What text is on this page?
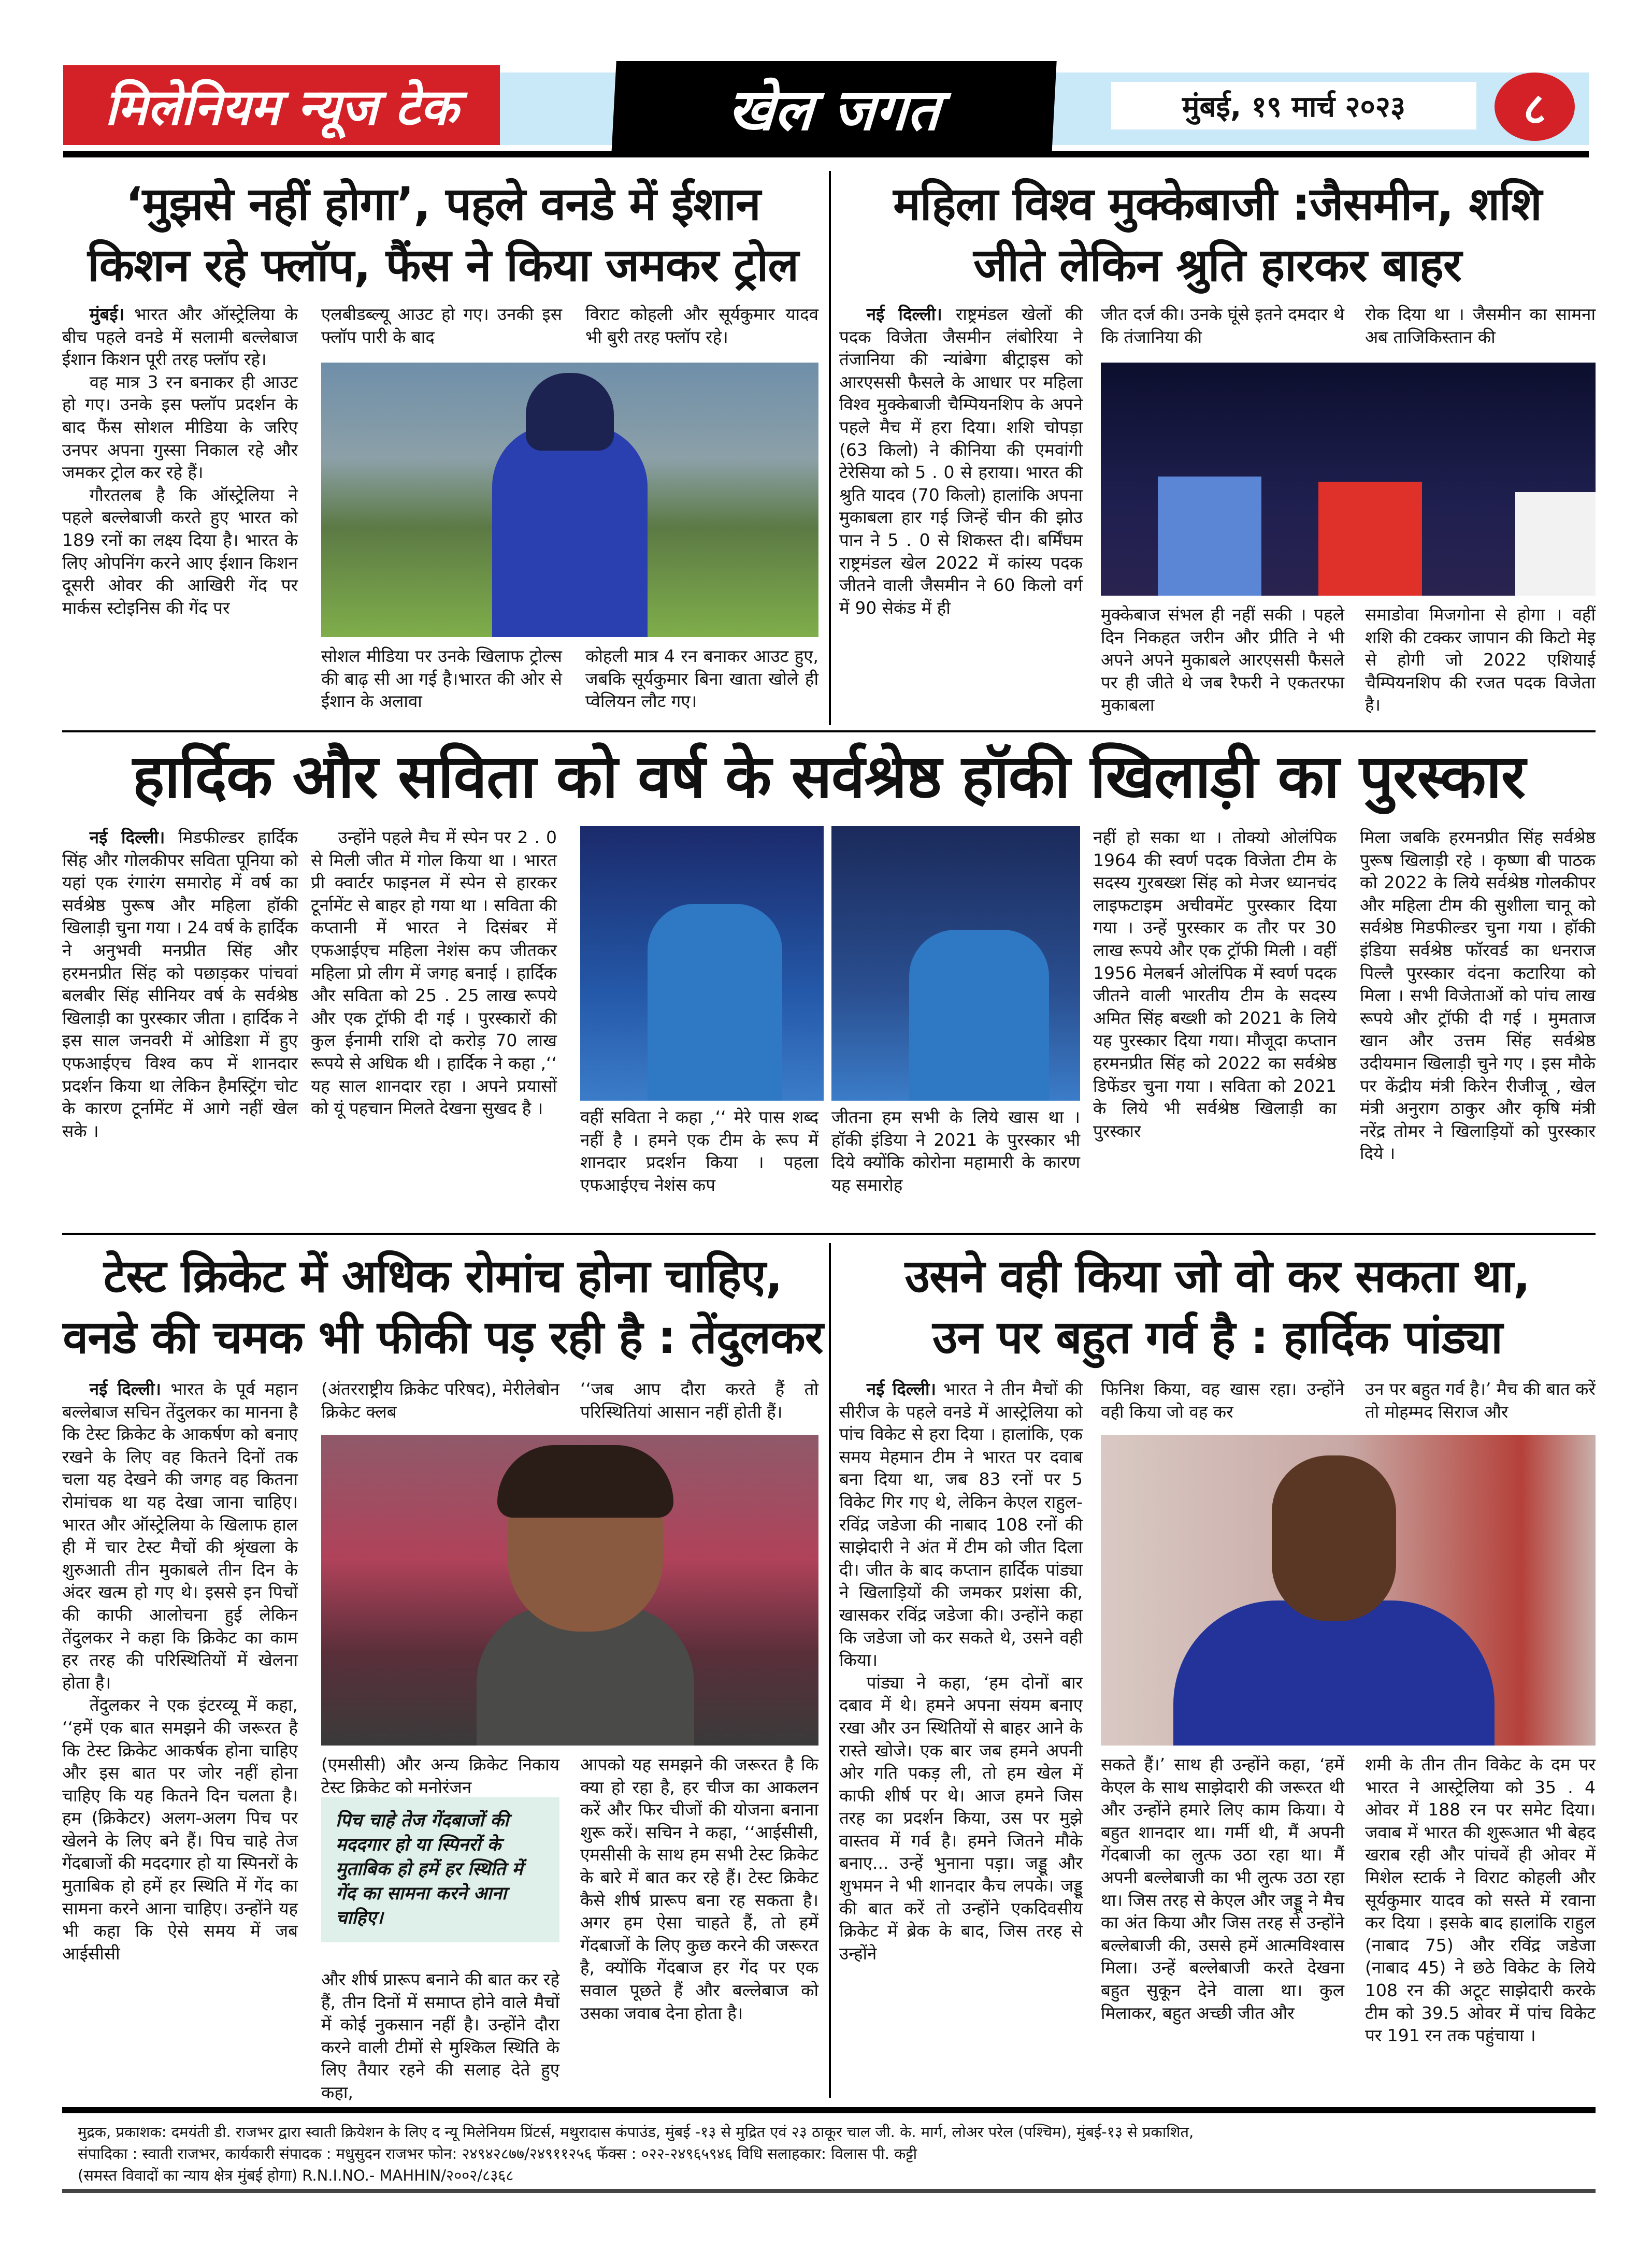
मिलेनियम न्यूज टेक	खेल जगत	मुंबई, १९ मार्च २०२३	८
‘मुझसे नहीं होगा’, पहले वनडे में ईशान
किशन रहे फ्लॉप, फैंस ने किया जमकर ट्रोल

मुंबई। भारत और ऑस्ट्रेलिया के बीच पहले वनडे में सलामी बल्लेबाज ईशान किशन पूरी तरह फ्लॉप रहे।

वह मात्र 3 रन बनाकर ही आउट हो गए। उनके इस फ्लॉप प्रदर्शन के बाद फैंस सोशल मीडिया के जरिए उनपर अपना गुस्सा निकाल रहे और जमकर ट्रोल कर रहे हैं।

गौरतलब है कि ऑस्ट्रेलिया ने पहले बल्लेबाजी करते हुए भारत को 189 रनों का लक्ष्य दिया है। भारत के लिए ओपनिंग करने आए ईशान किशन दूसरी ओवर की आखिरी गेंद पर मार्कस स्टोइनिस की गेंद पर

एलबीडब्ल्यू आउट हो गए। उनकी इस फ्लॉप पारी के बाद

विराट कोहली और सूर्यकुमार यादव भी बुरी तरह फ्लॉप रहे।

सोशल मीडिया पर उनके खिलाफ ट्रोल्स की बाढ़ सी आ गई है।भारत की ओर से ईशान के अलावा

कोहली मात्र 4 रन बनाकर आउट हुए, जबकि सूर्यकुमार बिना खाता खोले ही प्वेलियन लौट गए।

महिला विश्व मुक्केबाजी :जैसमीन, शशि
जीते लेकिन श्रुति हारकर बाहर

नई दिल्ली। राष्ट्रमंडल खेलों की पदक विजेता जैसमीन लंबोरिया ने तंजानिया की न्यांबेगा बीट्राइस को आरएससी फैसले के आधार पर महिला विश्व मुक्केबाजी चैम्पियनशिप के अपने पहले मैच में हरा दिया। शशि चोपड़ा (63 किलो) ने कीनिया की एमवांगी टेरेसिया को 5 . 0 से हराया। भारत की श्रुति यादव (70 किलो) हालांकि अपना मुकाबला हार गई जिन्हें चीन की झोउ पान ने 5 . 0 से शिकस्त दी। बर्मिंघम राष्ट्रमंडल खेल 2022 में कांस्य पदक जीतने वाली जैसमीन ने 60 किलो वर्ग में 90 सेकंड में ही

जीत दर्ज की। उनके घूंसे इतने दमदार थे कि तंजानिया की

रोक दिया था । जैसमीन का सामना अब ताजिकिस्तान की

मुक्केबाज संभल ही नहीं सकी । पहले दिन निकहत जरीन और प्रीति ने भी अपने अपने मुकाबले आरएससी फैसले पर ही जीते थे जब रैफरी ने एकतरफा मुकाबला

समाडोवा मिजगोना से होगा । वहीं शशि की टक्कर जापान की किटो मेइ से होगी जो 2022 एशियाई चैम्पियनशिप की रजत पदक विजेता है।

हार्दिक और सविता को वर्ष के सर्वश्रेष्ठ हॉकी खिलाड़ी का पुरस्कार

नई दिल्ली। मिडफील्डर हार्दिक सिंह और गोलकीपर सविता पूनिया को यहां एक रंगारंग समारोह में वर्ष का सर्वश्रेष्ठ पुरूष और महिला हॉकी खिलाड़ी चुना गया । 24 वर्ष के हार्दिक ने अनुभवी मनप्रीत सिंह और हरमनप्रीत सिंह को पछाड़कर पांचवां बलबीर सिंह सीनियर वर्ष के सर्वश्रेष्ठ खिलाड़ी का पुरस्कार जीता । हार्दिक ने इस साल जनवरी में ओडिशा में हुए एफआईएच विश्व कप में शानदार प्रदर्शन किया था लेकिन हैमस्ट्रिंग चोट के कारण टूर्नामेंट में आगे नहीं खेल सके ।

उन्होंने पहले मैच में स्पेन पर 2 . 0 से मिली जीत में गोल किया था । भारत प्री क्वार्टर फाइनल में स्पेन से हारकर टूर्नामेंट से बाहर हो गया था । सविता की कप्तानी में भारत ने दिसंबर में एफआईएच महिला नेशंस कप जीतकर महिला प्रो लीग में जगह बनाई । हार्दिक और सविता को 25 . 25 लाख रूपये और एक ट्रॉफी दी गई । पुरस्कारों की कुल ईनामी राशि दो करोड़ 70 लाख रूपये से अधिक थी । हार्दिक ने कहा ,‘‘ यह साल शानदार रहा । अपने प्रयासों को यूं पहचान मिलते देखना सुखद है ।	वहीं सविता ने कहा ,‘‘ मेरे पास शब्द नहीं है । हमने एक टीम के रूप में शानदार प्रदर्शन किया । पहला एफआईएच नेशंस कप

जीतना हम सभी के लिये खास था । हॉकी इंडिया ने 2021 के पुरस्कार भी दिये क्योंकि कोरोना महामारी के कारण यह समारोह

नहीं हो सका था । तोक्यो ओलंपिक 1964 की स्वर्ण पदक विजेता टीम के सदस्य गुरबख्श सिंह को मेजर ध्यानचंद लाइफटाइम अचीवमेंट पुरस्कार दिया गया । उन्हें पुरस्कार क तौर पर 30 लाख रूपये और एक ट्रॉफी मिली । वहीं 1956 मेलबर्न ओलंपिक में स्वर्ण पदक जीतने वाली भारतीय टीम के सदस्य अमित सिंह बख्शी को 2021 के लिये यह पुरस्कार दिया गया। मौजूदा कप्तान हरमनप्रीत सिंह को 2022 का सर्वश्रेष्ठ डिफेंडर चुना गया । सविता को 2021 के लिये भी सर्वश्रेष्ठ खिलाड़ी का पुरस्कार

मिला जबकि हरमनप्रीत सिंह सर्वश्रेष्ठ पुरूष खिलाड़ी रहे । कृष्णा बी पाठक को 2022 के लिये सर्वश्रेष्ठ गोलकीपर और महिला टीम की सुशीला चानू को सर्वश्रेष्ठ मिडफील्डर चुना गया । हॉकी इंडिया सर्वश्रेष्ठ फॉरवर्ड का धनराज पिल्लै पुरस्कार वंदना कटारिया को मिला । सभी विजेताओं को पांच लाख रूपये और ट्रॉफी दी गई । मुमताज खान और उत्तम सिंह सर्वश्रेष्ठ उदीयमान खिलाड़ी चुने गए । इस मौके पर केंद्रीय मंत्री किरेन रीजीजू , खेल मंत्री अनुराग ठाकुर और कृषि मंत्री नरेंद्र तोमर ने खिलाड़ियों को पुरस्कार दिये ।

टेस्ट क्रिकेट में अधिक रोमांच होना चाहिए,
वनडे की चमक भी फीकी पड़ रही है : तेंदुलकर

नई दिल्ली। भारत के पूर्व महान बल्लेबाज सचिन तेंदुलकर का मानना है कि टेस्ट क्रिकेट के आकर्षण को बनाए रखने के लिए वह कितने दिनों तक चला यह देखने की जगह वह कितना रोमांचक था यह देखा जाना चाहिए। भारत और ऑस्ट्रेलिया के खिलाफ हाल ही में चार टेस्ट मैचों की श्रृंखला के शुरुआती तीन मुकाबले तीन दिन के अंदर खत्म हो गए थे। इससे इन पिचों की काफी आलोचना हुई लेकिन तेंदुलकर ने कहा कि क्रिकेट का काम हर तरह की परिस्थितियों में खेलना होता है।

तेंदुलकर ने एक इंटरव्यू में कहा, ‘‘हमें एक बात समझने की जरूरत है कि टेस्ट क्रिकेट आकर्षक होना चाहिए और इस बात पर जोर नहीं होना चाहिए कि यह कितने दिन चलता है। हम (क्रिकेटर) अलग-अलग पिच पर खेलने के लिए बने हैं। पिच चाहे तेज गेंदबाजों की मददगार हो या स्पिनरों के मुताबिक हो हमें हर स्थिति में गेंद का सामना करने आना चाहिए। उन्होंने यह भी कहा कि ऐसे समय में जब आईसीसी

(अंतरराष्ट्रीय क्रिकेट परिषद), मेरीलेबोन क्रिकेट क्लब

‘‘जब आप दौरा करते हैं तो परिस्थितियां आसान नहीं होती हैं।

(एमसीसी) और अन्य क्रिकेट निकाय टेस्ट क्रिकेट को मनोरंजन

पिच चाहे तेज गेंदबाजों की मददगार हो या स्पिनरों के मुताबिक हो हमें हर स्थिति में गेंद का सामना करने आना चाहिए।

और शीर्ष प्रारूप बनाने की बात कर रहे हैं, तीन दिनों में समाप्त होने वाले मैचों में कोई नुकसान नहीं है। उन्होंने दौरा करने वाली टीमों से मुश्किल स्थिति के लिए तैयार रहने की सलाह देते हुए कहा,

आपको यह समझने की जरूरत है कि क्या हो रहा है, हर चीज का आकलन करें और फिर चीजों की योजना बनाना शुरू करें। सचिन ने कहा, ‘‘आईसीसी, एमसीसी के साथ हम सभी टेस्ट क्रिकेट के बारे में बात कर रहे हैं। टेस्ट क्रिकेट कैसे शीर्ष प्रारूप बना रह सकता है। अगर हम ऐसा चाहते हैं, तो हमें गेंदबाजों के लिए कुछ करने की जरूरत है, क्योंकि गेंदबाज हर गेंद पर एक सवाल पूछते हैं और बल्लेबाज को उसका जवाब देना होता है।

उसने वही किया जो वो कर सकता था,
उन पर बहुत गर्व है : हार्दिक पांड्या

नई दिल्ली। भारत ने तीन मैचों की सीरीज के पहले वनडे में आस्ट्रेलिया को पांच विकेट से हरा दिया । हालांकि, एक समय मेहमान टीम ने भारत पर दवाब बना दिया था, जब 83 रनों पर 5 विकेट गिर गए थे, लेकिन केएल राहुल-रविंद्र जडेजा की नाबाद 108 रनों की साझेदारी ने अंत में टीम को जीत दिला दी। जीत के बाद कप्तान हार्दिक पांड्या ने खिलाड़ियों की जमकर प्रशंसा की, खासकर रविंद्र जडेजा की। उन्होंने कहा कि जडेजा जो कर सकते थे, उसने वही किया।

पांड्या ने कहा, ‘हम दोनों बार दबाव में थे। हमने अपना संयम बनाए रखा और उन स्थितियों से बाहर आने के रास्ते खोजे। एक बार जब हमने अपनी ओर गति पकड़ ली, तो हम खेल में काफी शीर्ष पर थे। आज हमने जिस तरह का प्रदर्शन किया, उस पर मुझे वास्तव में गर्व है। हमने जितने मौके बनाए... उन्हें भुनाना पड़ा। जड्डू और शुभमन ने भी शानदार कैच लपके। जड्डू की बात करें तो उन्होंने एकदिवसीय क्रिकेट में ब्रेक के बाद, जिस तरह से उन्होंने

फिनिश किया, वह खास रहा। उन्होंने वही किया जो वह कर

उन पर बहुत गर्व है।’ मैच की बात करें तो मोहम्मद सिराज और

सकते हैं।’ साथ ही उन्होंने कहा, ‘हमें केएल के साथ साझेदारी की जरूरत थी और उन्होंने हमारे लिए काम किया। ये बहुत शानदार था। गर्मी थी, मैं अपनी गेंदबाजी का लुत्फ उठा रहा था। मैं अपनी बल्लेबाजी का भी लुत्फ उठा रहा था। जिस तरह से केएल और जड्डू ने मैच का अंत किया और जिस तरह से उन्होंने बल्लेबाजी की, उससे हमें आत्मविश्वास मिला। उन्हें बल्लेबाजी करते देखना बहुत सुकून देने वाला था। कुल मिलाकर, बहुत अच्छी जीत और

शमी के तीन तीन विकेट के दम पर भारत ने आस्ट्रेलिया को 35 . 4 ओवर में 188 रन पर समेट दिया। जवाब में भारत की शुरूआत भी बेहद खराब रही और पांचवें ही ओवर में मिशेल स्टार्क ने विराट कोहली और सूर्यकुमार यादव को सस्ते में रवाना कर दिया । इसके बाद हालांकि राहुल (नाबाद 75) और रविंद्र जडेजा (नाबाद 45) ने छठे विकेट के लिये 108 रन की अटूट साझेदारी करके टीम को 39.5 ओवर में पांच विकेट पर 191 रन तक पहुंचाया ।

मुद्रक, प्रकाशक: दमयंती डी. राजभर द्वारा स्वाती क्रियेशन के लिए द न्यू मिलेनियम प्रिंटर्स, मथुरादास कंपाउंड, मुंबई -१३ से मुद्रित एवं २३ ठाकूर चाल जी. के. मार्ग, लोअर परेल (पश्चिम), मुंबई-१३ से प्रकाशित,
संपादिका : स्वाती राजभर, कार्यकारी संपादक : मधुसुदन राजभर फोन: २४९४२८७७/२४९११२५६ फॅक्स : ०२२-२४९६५९४६ विधि सलाहकार: विलास पी. कट्टी
(समस्त विवादों का न्याय क्षेत्र मुंबई होगा) R.N.I.NO.- MAHHIN/२००२/८३६८
